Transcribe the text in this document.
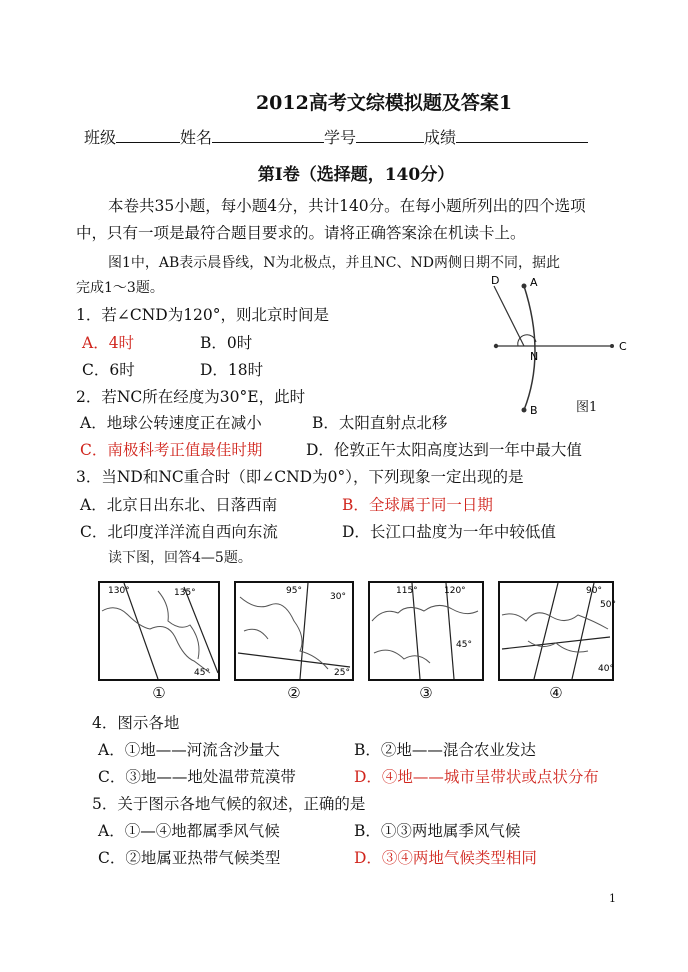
2012高考文综模拟题及答案1
班级	姓名	学号	成绩
第Ⅰ卷（选择题，140分）
本卷共35小题，每小题4分，共计140分。在每小题所列出的四个选项
中，只有一项是最符合题目要求的。请将正确答案涂在机读卡上。
图1中，AB表示晨昏线，N为北极点，并且NC、ND两侧日期不同，据此
完成1～3题。	D	A
B
C
N
图1
1．若∠CND为120°，则北京时间是
A．4时	B．0时
C．6时	D．18时
2．若NC所在经度为30°E，此时
A．地球公转速度正在减小	B．太阳直射点北移
C．南极科考正值最佳时期	D．伦敦正午太阳高度达到一年中最大值
3．当ND和NC重合时（即∠CND为0°），下列现象一定出现的是
A．北京日出东北、日落西南	B．全球属于同一日期
C．北印度洋洋流自西向东流	D．长江口盐度为一年中较低值
读下图，回答4—5题。
130°	135°
45°
①
95°
30°
25°
②
115°	120°
45°
③
90°
50°
40°
④
4．图示各地
A．①地——河流含沙量大	B．②地——混合农业发达
C．③地——地处温带荒漠带	D．④地——城市呈带状或点状分布
5．关于图示各地气候的叙述，正确的是
A．①—④地都属季风气候	B．①③两地属季风气候
C．②地属亚热带气候类型	D．③④两地气候类型相同
1
